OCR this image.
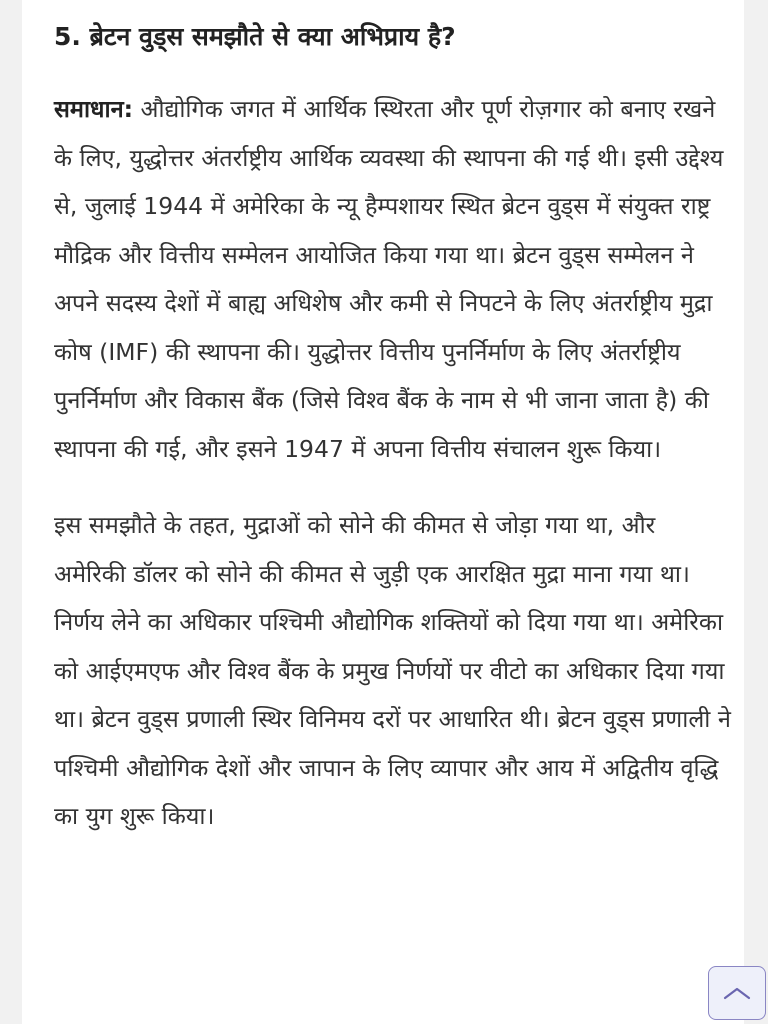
5. ब्रेटन वुड्स समझौते से क्या अभिप्राय है?

समाधान: औद्योगिक जगत में आर्थिक स्थिरता और पूर्ण रोज़गार को बनाए रखने के लिए, युद्धोत्तर अंतर्राष्ट्रीय आर्थिक व्यवस्था की स्थापना की गई थी। इसी उद्देश्य से, जुलाई 1944 में अमेरिका के न्यू हैम्पशायर स्थित ब्रेटन वुड्स में संयुक्त राष्ट्र मौद्रिक और वित्तीय सम्मेलन आयोजित किया गया था। ब्रेटन वुड्स सम्मेलन ने अपने सदस्य देशों में बाह्य अधिशेष और कमी से निपटने के लिए अंतर्राष्ट्रीय मुद्रा कोष (IMF) की स्थापना की। युद्धोत्तर वित्तीय पुनर्निर्माण के लिए अंतर्राष्ट्रीय पुनर्निर्माण और विकास बैंक (जिसे विश्व बैंक के नाम से भी जाना जाता है) की स्थापना की गई, और इसने 1947 में अपना वित्तीय संचालन शुरू किया।

इस समझौते के तहत, मुद्राओं को सोने की कीमत से जोड़ा गया था, और अमेरिकी डॉलर को सोने की कीमत से जुड़ी एक आरक्षित मुद्रा माना गया था। निर्णय लेने का अधिकार पश्चिमी औद्योगिक शक्तियों को दिया गया था। अमेरिका को आईएमएफ और विश्व बैंक के प्रमुख निर्णयों पर वीटो का अधिकार दिया गया था। ब्रेटन वुड्स प्रणाली स्थिर विनिमय दरों पर आधारित थी। ब्रेटन वुड्स प्रणाली ने पश्चिमी औद्योगिक देशों और जापान के लिए व्यापार और आय में अद्वितीय वृद्धि का युग शुरू किया।
